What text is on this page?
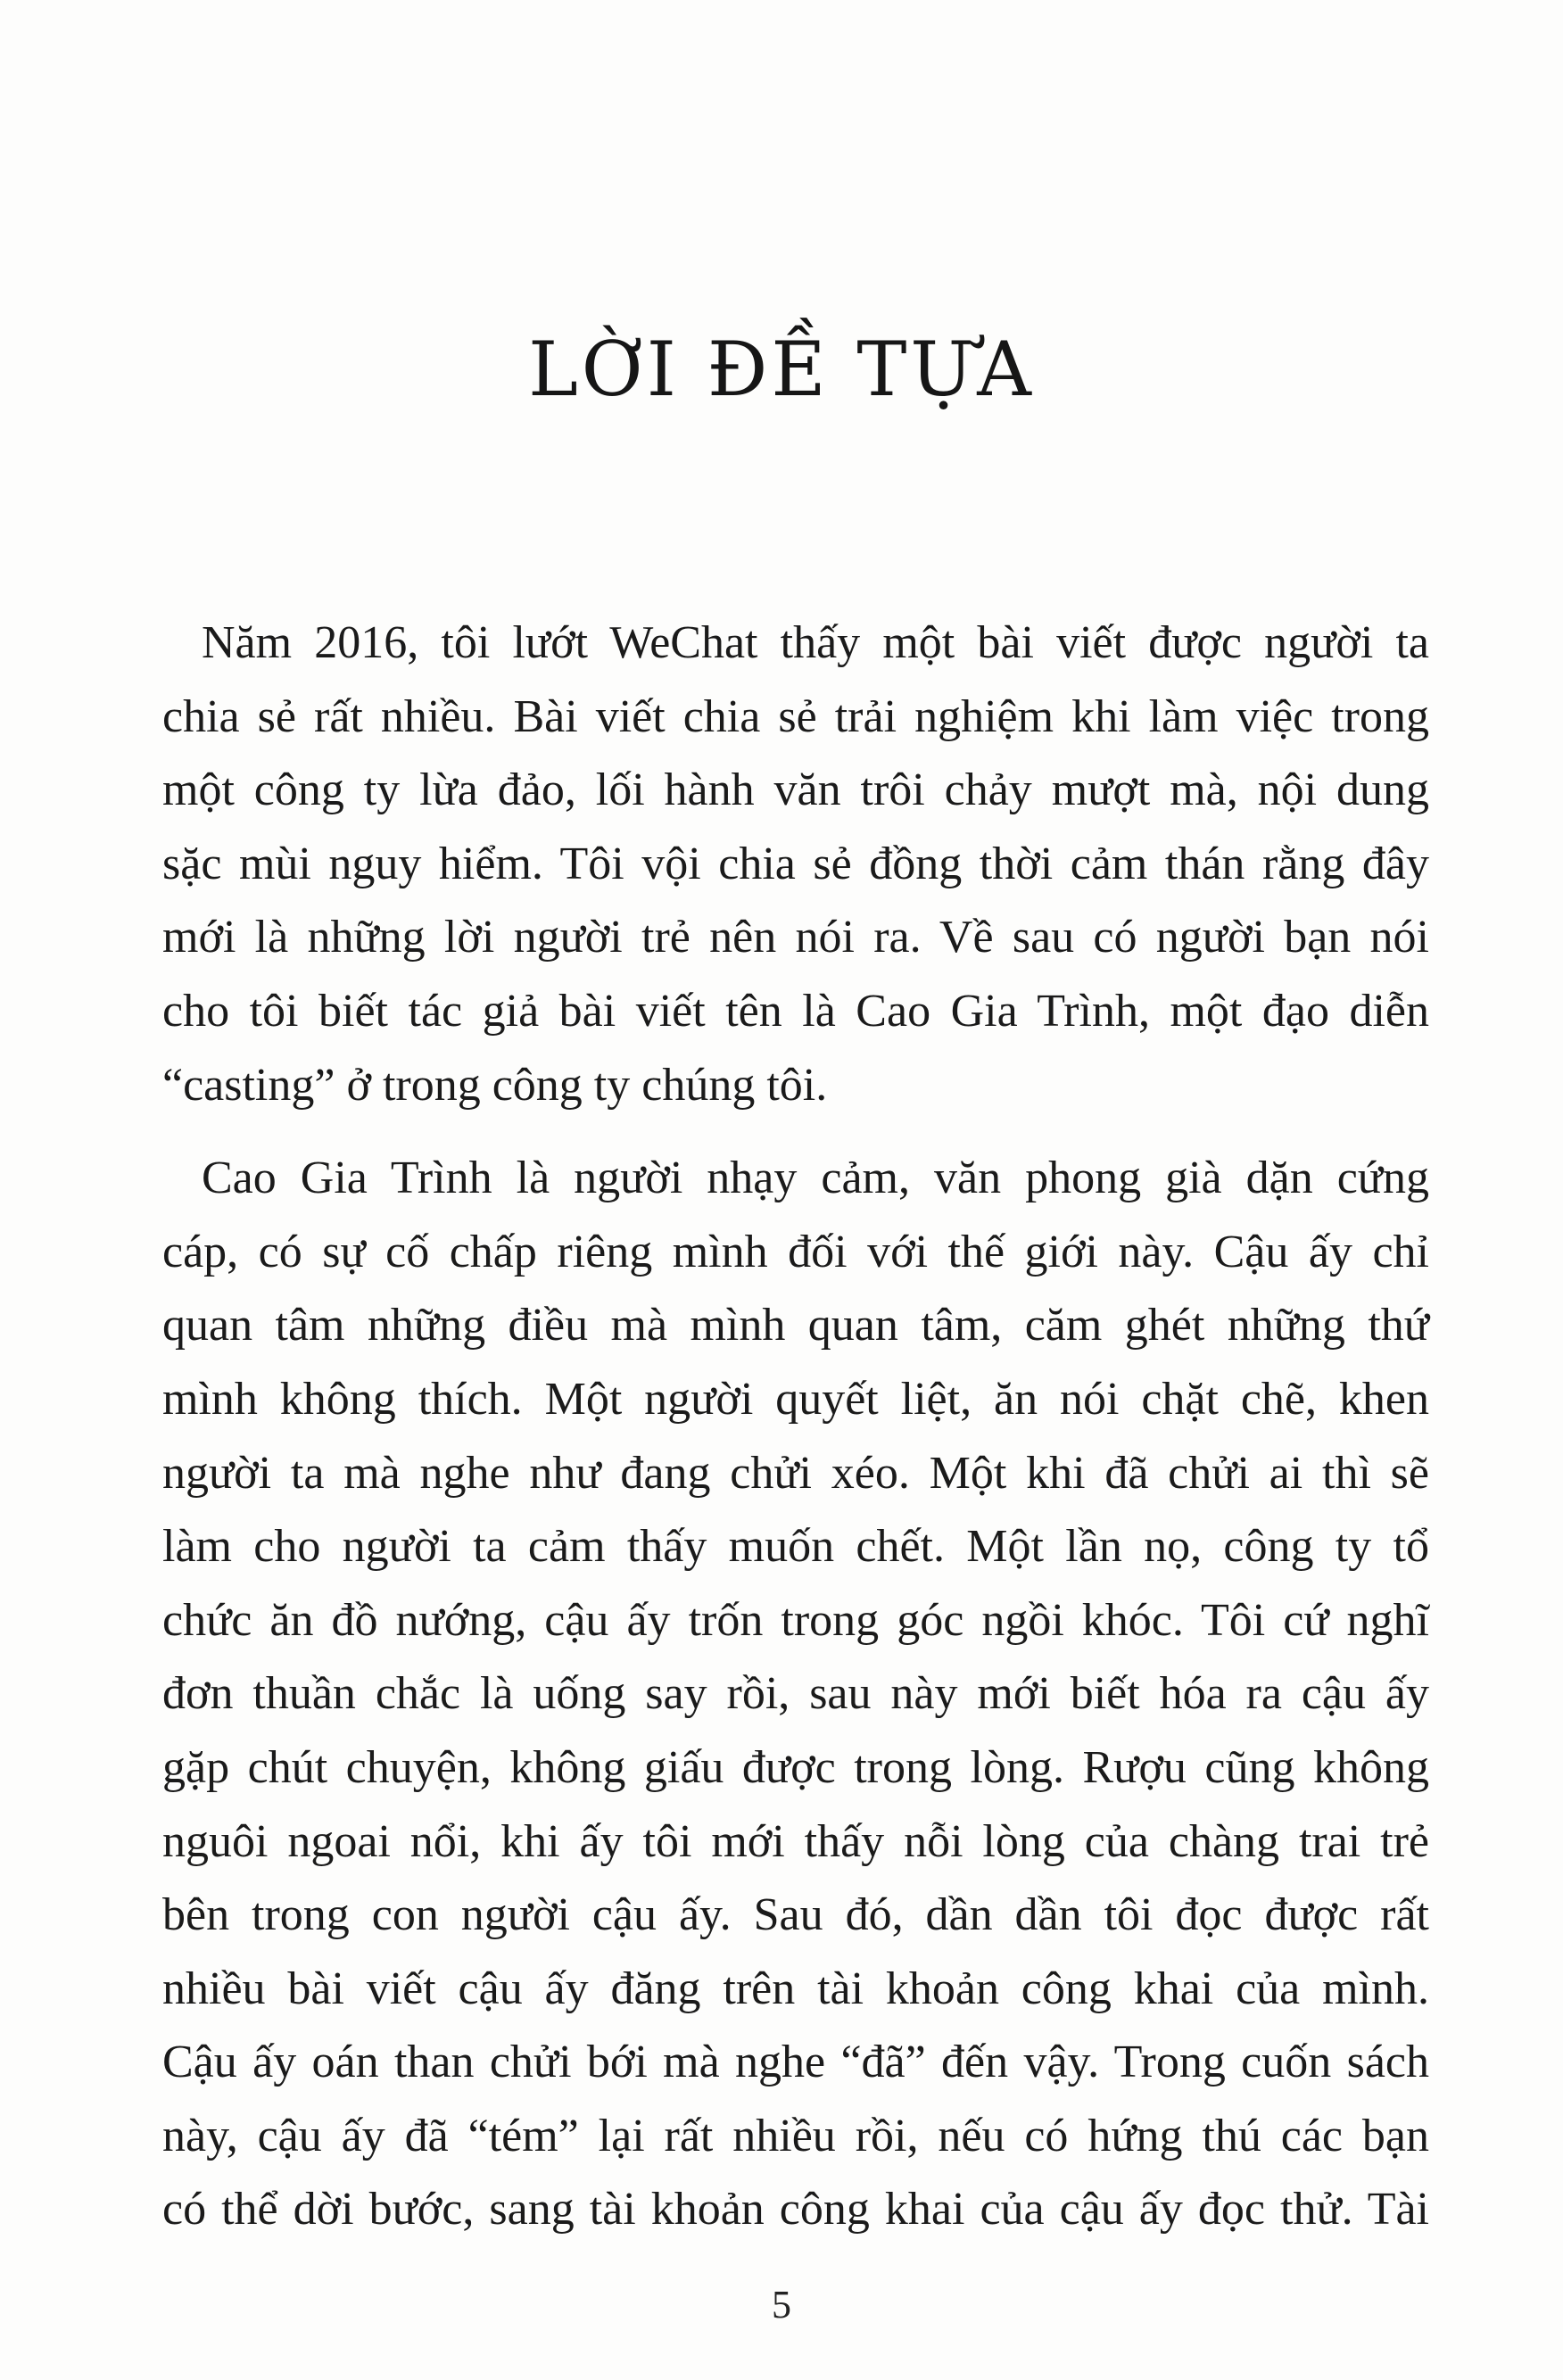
LỜI ĐỀ TỰA

Năm 2016, tôi lướt WeChat thấy một bài viết được người ta
chia sẻ rất nhiều. Bài viết chia sẻ trải nghiệm khi làm việc trong
một công ty lừa đảo, lối hành văn trôi chảy mượt mà, nội dung
sặc mùi nguy hiểm. Tôi vội chia sẻ đồng thời cảm thán rằng đây
mới là những lời người trẻ nên nói ra. Về sau có người bạn nói
cho tôi biết tác giả bài viết tên là Cao Gia Trình, một đạo diễn
“casting” ở trong công ty chúng tôi.

Cao Gia Trình là người nhạy cảm, văn phong già dặn cứng
cáp, có sự cố chấp riêng mình đối với thế giới này. Cậu ấy chỉ
quan tâm những điều mà mình quan tâm, căm ghét những thứ
mình không thích. Một người quyết liệt, ăn nói chặt chẽ, khen
người ta mà nghe như đang chửi xéo. Một khi đã chửi ai thì sẽ
làm cho người ta cảm thấy muốn chết. Một lần nọ, công ty tổ
chức ăn đồ nướng, cậu ấy trốn trong góc ngồi khóc. Tôi cứ nghĩ
đơn thuần chắc là uống say rồi, sau này mới biết hóa ra cậu ấy
gặp chút chuyện, không giấu được trong lòng. Rượu cũng không
nguôi ngoai nổi, khi ấy tôi mới thấy nỗi lòng của chàng trai trẻ
bên trong con người cậu ấy. Sau đó, dần dần tôi đọc được rất
nhiều bài viết cậu ấy đăng trên tài khoản công khai của mình.
Cậu ấy oán than chửi bới mà nghe “đã” đến vậy. Trong cuốn sách
này, cậu ấy đã “tém” lại rất nhiều rồi, nếu có hứng thú các bạn
có thể dời bước, sang tài khoản công khai của cậu ấy đọc thử. Tài

5
